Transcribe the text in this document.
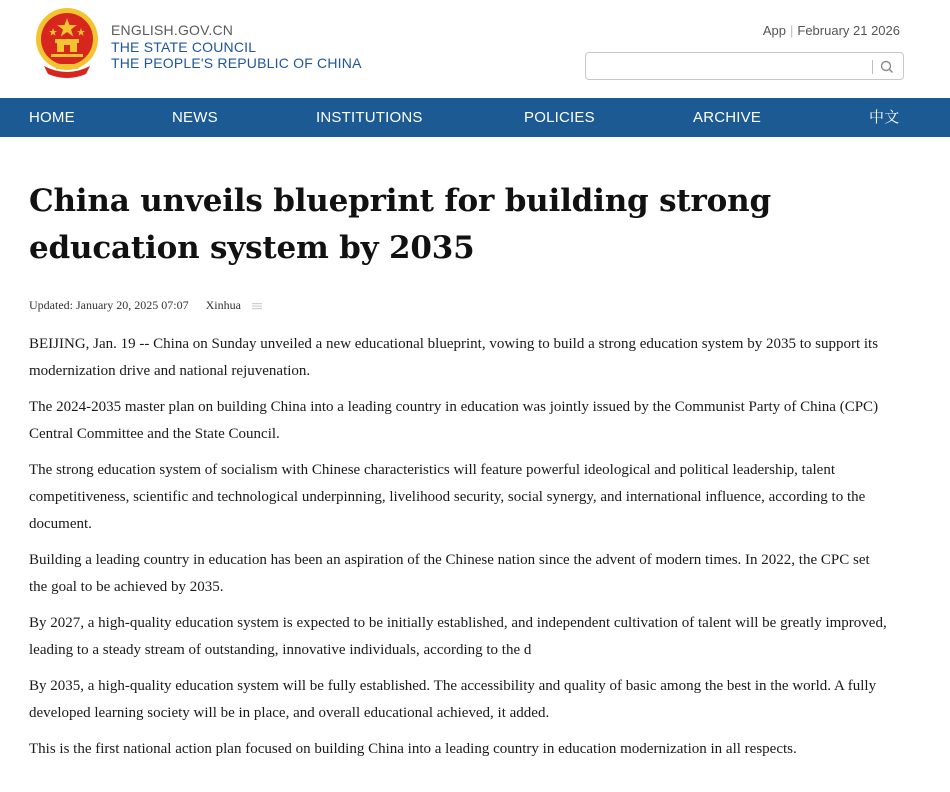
ENGLISH.GOV.CN
THE STATE COUNCIL
THE PEOPLE'S REPUBLIC OF CHINA
App | February 21 2026
HOME	NEWS	INSTITUTIONS	POLICIES	ARCHIVE	中文
China unveils blueprint for building strong education system by 2035
Updated: January 20, 2025 07:07 Xinhua

BEIJING, Jan. 19 -- China on Sunday unveiled a new educational blueprint, vowing to build a strong education system by 2035 to support its modernization drive and national rejuvenation.

The 2024-2035 master plan on building China into a leading country in education was jointly issued by the Communist Party of China (CPC) Central Committee and the State Council.

The strong education system of socialism with Chinese characteristics will feature powerful ideological and political leadership, talent competitiveness, scientific and technological underpinning, livelihood security, social synergy, and international influence, according to the document.

Building a leading country in education has been an aspiration of the Chinese nation since the advent of modern times. In 2022, the CPC set the goal to be achieved by 2035.

By 2027, a high-quality education system is expected to be initially established, and independent cultivation of talent will be greatly improved, leading to a steady stream of outstanding, innovative individuals, according to the d

By 2035, a high-quality education system will be fully established. The accessibility and quality of basic among the best in the world. A fully developed learning society will be in place, and overall educational achieved, it added.

This is the first national action plan focused on building China into a leading country in education modernization in all respects.
